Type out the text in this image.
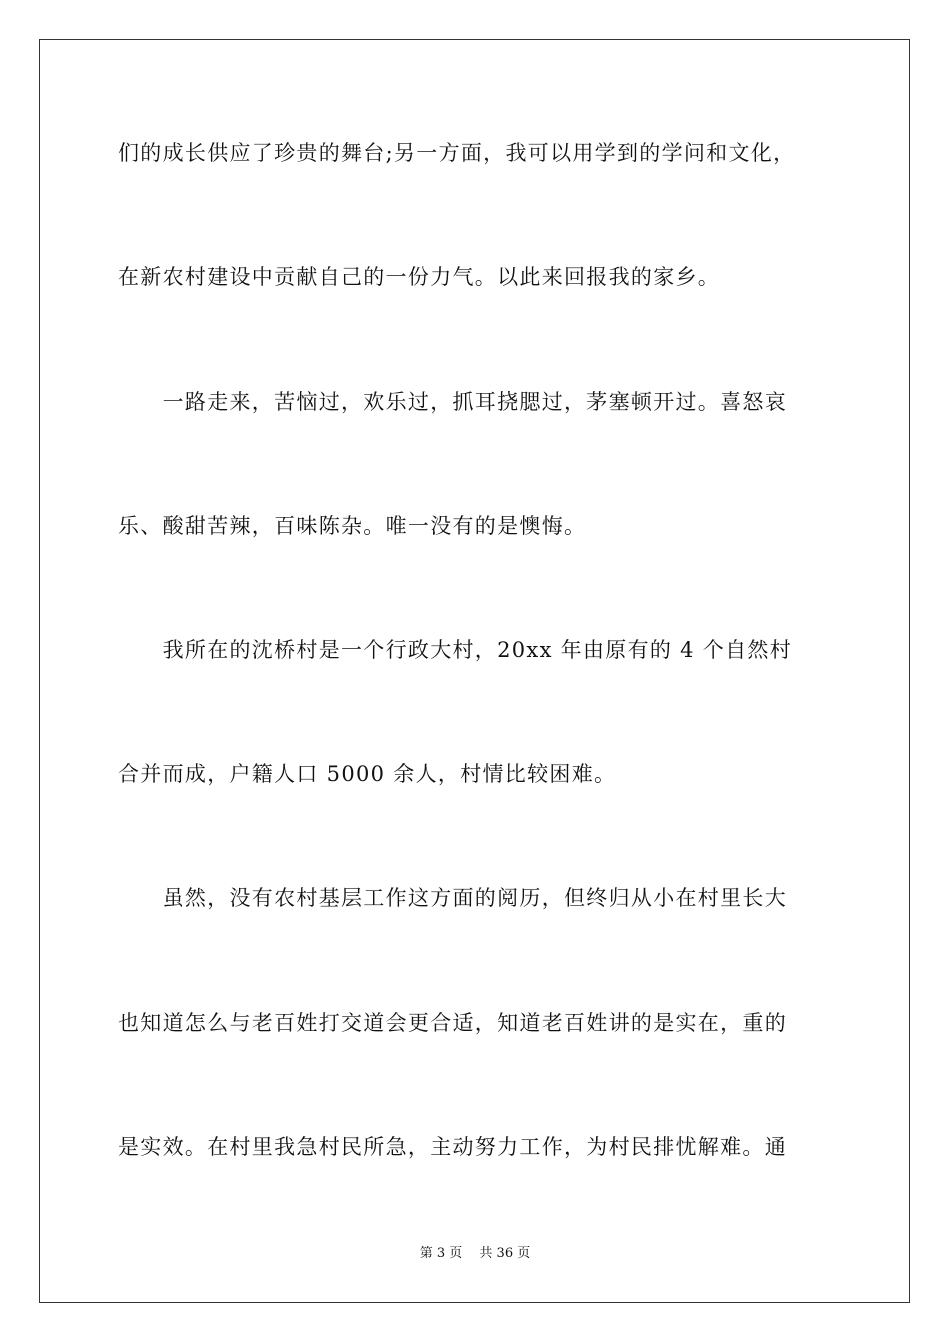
们的成长供应了珍贵的舞台;另一方面，我可以用学到的学问和文化，
在新农村建设中贡献自己的一份力气。以此来回报我的家乡。
　　一路走来，苦恼过，欢乐过，抓耳挠腮过，茅塞顿开过。喜怒哀
乐、酸甜苦辣，百味陈杂。唯一没有的是懊悔。
　　我所在的沈桥村是一个行政大村，20xx 年由原有的 4 个自然村
合并而成，户籍人口 5000 余人，村情比较困难。
　　虽然，没有农村基层工作这方面的阅历，但终归从小在村里长大
也知道怎么与老百姓打交道会更合适，知道老百姓讲的是实在，重的
是实效。在村里我急村民所急，主动努力工作，为村民排忧解难。通
第 3 页　 共 36 页
